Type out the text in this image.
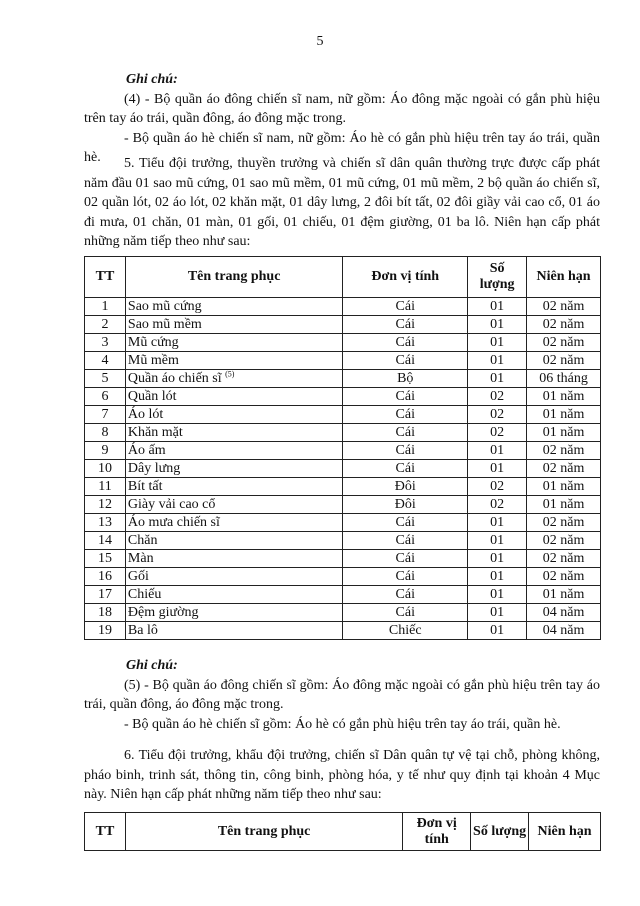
5

Ghi chú:

(4) - Bộ quần áo đông chiến sĩ nam, nữ gồm: Áo đông mặc ngoài có gắn phù hiệu trên tay áo trái, quần đông, áo đông mặc trong.

- Bộ quần áo hè chiến sĩ nam, nữ gồm: Áo hè có gắn phù hiệu trên tay áo trái, quần hè.	5. Tiểu đội trưởng, thuyền trưởng và chiến sĩ dân quân thường trực được cấp phát năm đầu 01 sao mũ cứng, 01 sao mũ mềm, 01 mũ cứng, 01 mũ mềm, 2 bộ quần áo chiến sĩ, 02 quần lót, 02 áo lót, 02 khăn mặt, 01 dây lưng, 2 đôi bít tất, 02 đôi giầy vải cao cổ, 01 áo đi mưa, 01 chăn, 01 màn, 01 gối, 01 chiếu, 01 đệm giường, 01 ba lô. Niên hạn cấp phát những năm tiếp theo như sau:

TT	Tên trang phục	Đơn vị tính	Số lượng	Niên hạn
1	Sao mũ cứng	Cái	01	02 năm
2	Sao mũ mềm	Cái	01	02 năm
3	Mũ cứng	Cái	01	02 năm
4	Mũ mềm	Cái	01	02 năm
5	Quần áo chiến sĩ $^{(5)}$	Bộ	01	06 tháng
6	Quần lót	Cái	02	01 năm
7	Áo lót	Cái	02	01 năm
8	Khăn mặt	Cái	02	01 năm
9	Áo ấm	Cái	01	02 năm
10	Dây lưng	Cái	01	02 năm
11	Bít tất	Đôi	02	01 năm
12	Giày vải cao cổ	Đôi	02	01 năm
13	Áo mưa chiến sĩ	Cái	01	02 năm
14	Chăn	Cái	01	02 năm
15	Màn	Cái	01	02 năm
16	Gối	Cái	01	02 năm
17	Chiếu	Cái	01	01 năm
18	Đệm giường	Cái	01	04 năm
19	Ba lô	Chiếc	01	04 năm

Ghi chú:

(5) - Bộ quần áo đông chiến sĩ gồm: Áo đông mặc ngoài có gắn phù hiệu trên tay áo trái, quần đông, áo đông mặc trong.

- Bộ quần áo hè chiến sĩ gồm: Áo hè có gắn phù hiệu trên tay áo trái, quần hè.

6. Tiểu đội trưởng, khẩu đội trưởng, chiến sĩ Dân quân tự vệ tại chỗ, phòng không, pháo binh, trinh sát, thông tin, công binh, phòng hóa, y tế như quy định tại khoản 4 Mục này. Niên hạn cấp phát những năm tiếp theo như sau:

TT	Tên trang phục	Đơn vị tính	Số lượng	Niên hạn
